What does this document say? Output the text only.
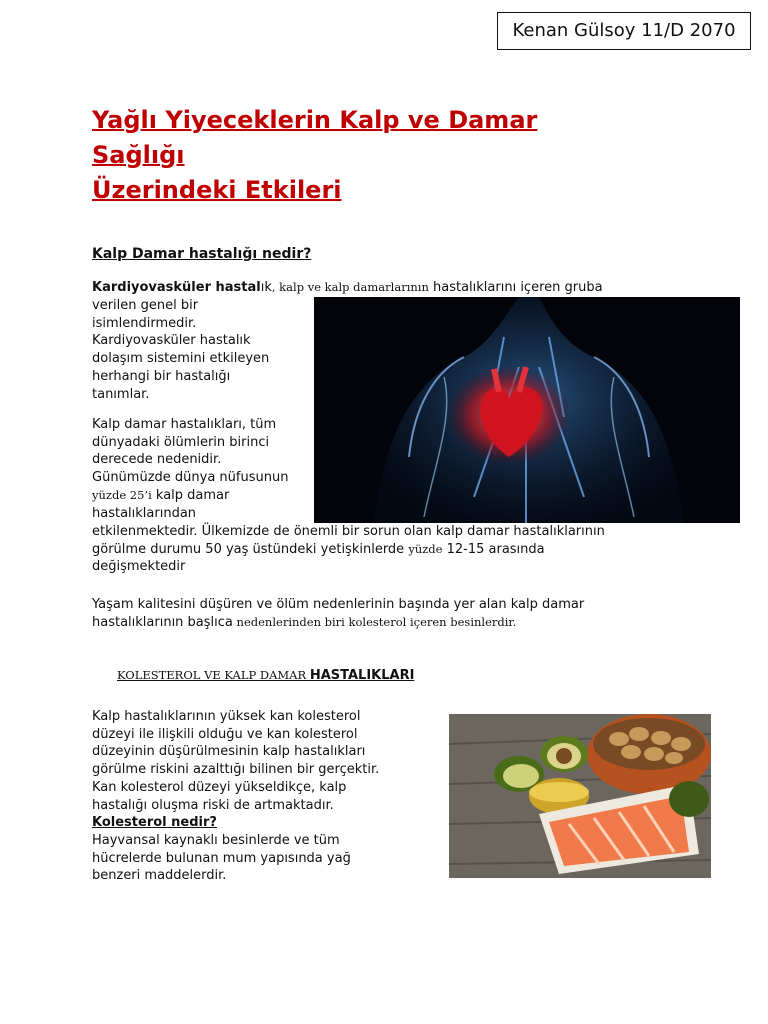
Kenan Gülsoy 11/D 2070
Yağlı Yiyeceklerin Kalp ve Damar
Sağlığı
Üzerindeki Etkileri
Kalp Damar hastalığı nedir?

Kardiyovasküler hastalık, kalp ve kalp damarlarının hastalıklarını içeren gruba

verilen genel bir
isimlendirmedir.
Kardiyovasküler hastalık
dolaşım sistemini etkileyen
herhangi bir hastalığı
tanımlar.
Kalp damar hastalıkları, tüm
dünyadaki ölümlerin birinci
derecede nedenidir.
Günümüzde dünya nüfusunun
yüzde 25’i kalp damar
hastalıklarından
etkilenmektedir. Ülkemizde de önemli bir sorun olan kalp damar hastalıklarının
görülme durumu 50 yaş üstündeki yetişkinlerde yüzde 12-15 arasında
değişmektedir
Yaşam kalitesini düşüren ve ölüm nedenlerinin başında yer alan kalp damar
hastalıklarının başlıca nedenlerinden biri kolesterol içeren besinlerdir.
KOLESTEROL VE KALP DAMAR HASTALIKLARI
Kalp hastalıklarının yüksek kan kolesterol
düzeyi ile ilişkili olduğu ve kan kolesterol
düzeyinin düşürülmesinin kalp hastalıkları
görülme riskini azalttığı bilinen bir gerçektir.
Kan kolesterol düzeyi yükseldikçe, kalp
hastalığı oluşma riski de artmaktadır.
Kolesterol nedir?
Hayvansal kaynaklı besinlerde ve tüm
hücrelerde bulunan mum yapısında yağ
benzeri maddelerdir.
